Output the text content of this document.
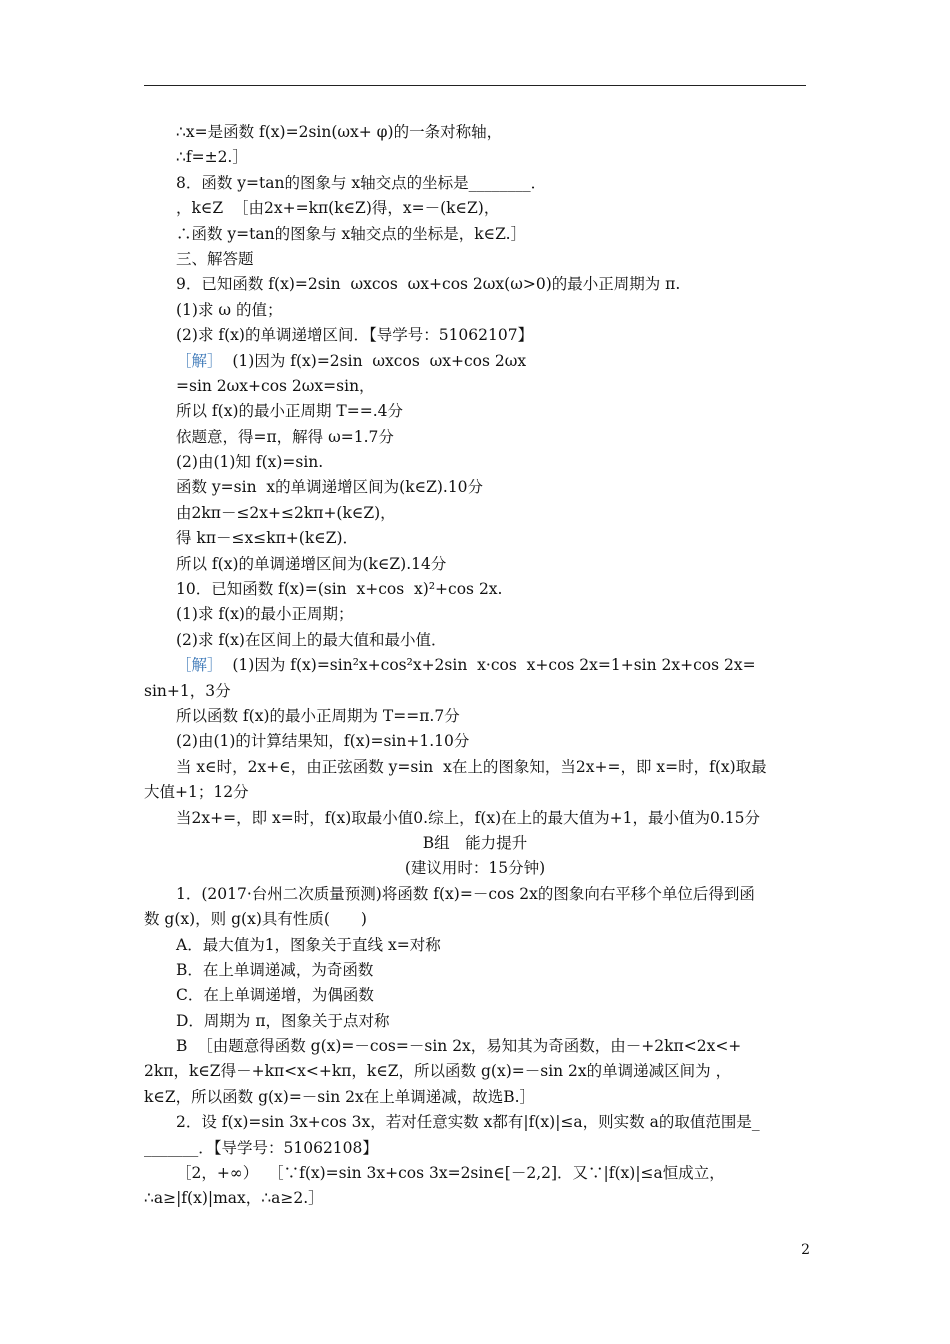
∴x=是函数 f(x)=2sin(ωx+ φ)的一条对称轴，
∴f=±2.］
8．函数 y=tan的图象与 x轴交点的坐标是________．
，k∈Z  ［由2x+=kπ(k∈Z)得，x=－(k∈Z)，
∴函数 y=tan的图象与 x轴交点的坐标是，k∈Z.］
三、解答题
9．已知函数 f(x)=2sin  ωxcos  ωx+cos 2ωx(ω>0)的最小正周期为 π.
(1)求 ω 的值；
(2)求 f(x)的单调递增区间．【导学号：51062107】
［解］  (1)因为 f(x)=2sin  ωxcos  ωx+cos 2ωx
=sin 2ωx+cos 2ωx=sin，
所以 f(x)的最小正周期 T==.4分
依题意，得=π，解得 ω=1.7分
(2)由(1)知 f(x)=sin.
函数 y=sin  x的单调递增区间为(k∈Z).10分
由2kπ－≤2x+≤2kπ+(k∈Z)，
得 kπ－≤x≤kπ+(k∈Z)．
所以 f(x)的单调递增区间为(k∈Z).14分
10．已知函数 f(x)=(sin  x+cos  x)²+cos 2x.
(1)求 f(x)的最小正周期；
(2)求 f(x)在区间上的最大值和最小值．
［解］  (1)因为 f(x)=sin²x+cos²x+2sin  x·cos  x+cos 2x=1+sin 2x+cos 2x=
sin+1，3分
所以函数 f(x)的最小正周期为 T==π.7分
(2)由(1)的计算结果知，f(x)=sin+1.10分
当 x∈时，2x+∈，由正弦函数 y=sin  x在上的图象知，当2x+=，即 x=时，f(x)取最
大值+1；12分
当2x+=，即 x=时，f(x)取最小值0.综上，f(x)在上的最大值为+1，最小值为0.15分
B组　能力提升
(建议用时：15分钟)
1．(2017·台州二次质量预测)将函数 f(x)=－cos 2x的图象向右平移个单位后得到函
数 g(x)，则 g(x)具有性质(　　)
A．最大值为1，图象关于直线 x=对称
B．在上单调递减，为奇函数
C．在上单调递增，为偶函数
D．周期为 π，图象关于点对称
B  ［由题意得函数 g(x)=－cos=－sin 2x，易知其为奇函数，由－+2kπ<2x<+
2kπ，k∈Z得－+kπ<x<+kπ，k∈Z，所以函数 g(x)=－sin 2x的单调递减区间为 ，
k∈Z，所以函数 g(x)=－sin 2x在上单调递减，故选B.］
2．设 f(x)=sin 3x+cos 3x，若对任意实数 x都有|f(x)|≤a，则实数 a的取值范围是_
_______．【导学号：51062108】
［2，+∞）  ［∵f(x)=sin 3x+cos 3x=2sin∈[－2,2]．又∵|f(x)|≤a恒成立，
∴a≥|f(x)|max，∴a≥2.］
2
